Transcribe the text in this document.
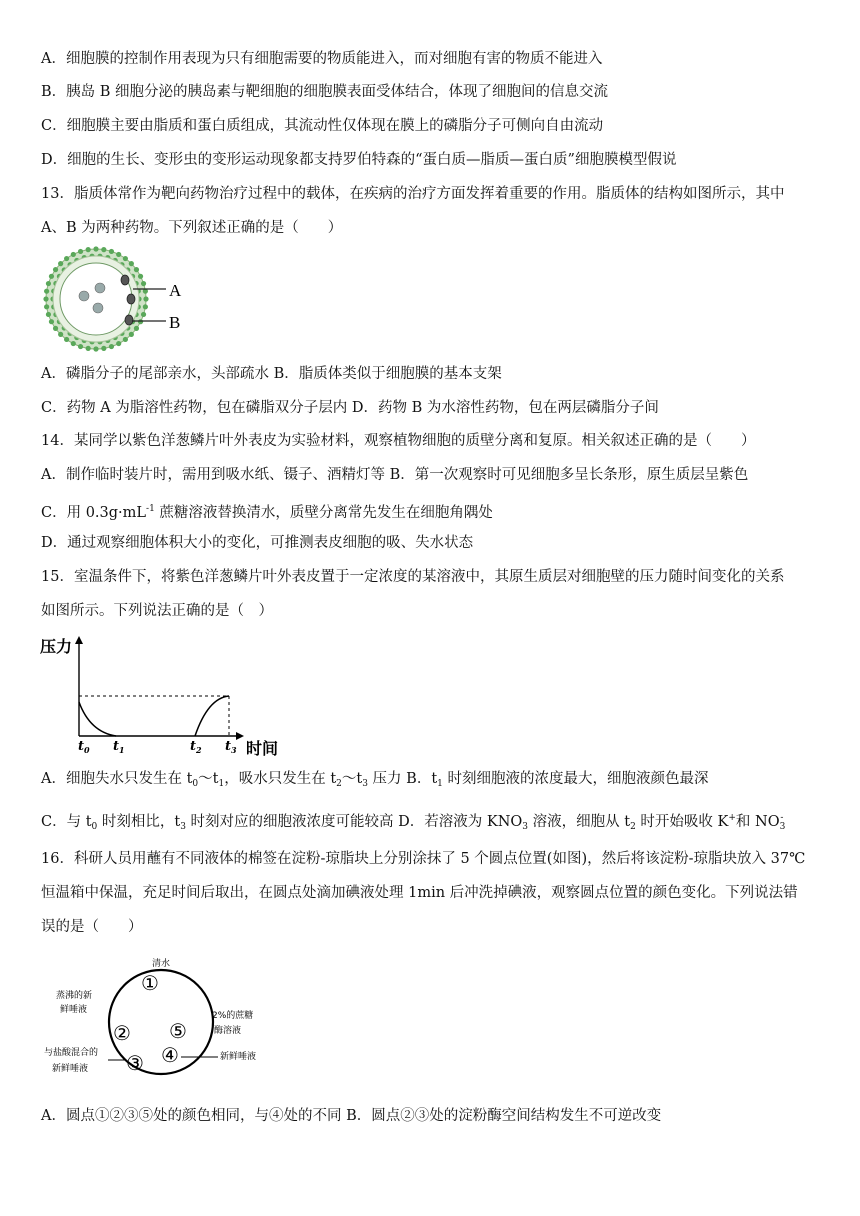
A．细胞膜的控制作用表现为只有细胞需要的物质能进入，而对细胞有害的物质不能进入
B．胰岛 B 细胞分泌的胰岛素与靶细胞的细胞膜表面受体结合，体现了细胞间的信息交流
C．细胞膜主要由脂质和蛋白质组成，其流动性仅体现在膜上的磷脂分子可侧向自由流动
D．细胞的生长、变形虫的变形运动现象都支持罗伯特森的“蛋白质—脂质—蛋白质”细胞膜模型假说
13．脂质体常作为靶向药物治疗过程中的载体，在疾病的治疗方面发挥着重要的作用。脂质体的结构如图所示，其中
A、B 为两种药物。下列叙述正确的是（　　）
A
B
A．磷脂分子的尾部亲水，头部疏水 B．脂质体类似于细胞膜的基本支架
C．药物 A 为脂溶性药物，包在磷脂双分子层内 D．药物 B 为水溶性药物，包在两层磷脂分子间
14．某同学以紫色洋葱鳞片叶外表皮为实验材料，观察植物细胞的质壁分离和复原。相关叙述正确的是（　　）
A．制作临时装片时，需用到吸水纸、镊子、酒精灯等 B．第一次观察时可见细胞多呈长条形，原生质层呈紫色
C．用 $0.3g\cdot mL^{-1}$ 蔗糖溶液替换清水，质壁分离常先发生在细胞角隅处
D．通过观察细胞体积大小的变化，可推测表皮细胞的吸、失水状态
15．室温条件下，将紫色洋葱鳞片叶外表皮置于一定浓度的某溶液中，其原生质层对细胞壁的压力随时间变化的关系
如图所示。下列说法正确的是（　）
压力
$t_0$ $t_1$	$t_2$ $t_3$ 时间
A．细胞失水只发生在 $t_0\sim t_1$，吸水只发生在 $t_2\sim t_3$ 压力 B．$t_1$ 时刻细胞液的浓度最大，细胞液颜色最深
C．与 $t_0$ 时刻相比，$t_3$ 时刻对应的细胞液浓度可能较高 D．若溶液为 $KNO_3$ 溶液，细胞从 $t_2$ 时开始吸收 K+和 $NO_3^-$
16．科研人员用蘸有不同液体的棉签在淀粉-琼脂块上分别涂抹了 5 个圆点位置(如图)，然后将该淀粉-琼脂块放入 37℃
恒温箱中保温，充足时间后取出，在圆点处滴加碘液处理 1min 后冲洗掉碘液，观察圆点位置的颜色变化。下列说法错
误的是（　　）
清水
蒸沸的新
鲜唾液
与盐酸混合的
新鲜唾液
2%的蔗糖
酶溶液
新鲜唾液
①
②
③ ④
⑤
A．圆点①②③⑤处的颜色相同，与④处的不同 B．圆点②③处的淀粉酶空间结构发生不可逆改变
